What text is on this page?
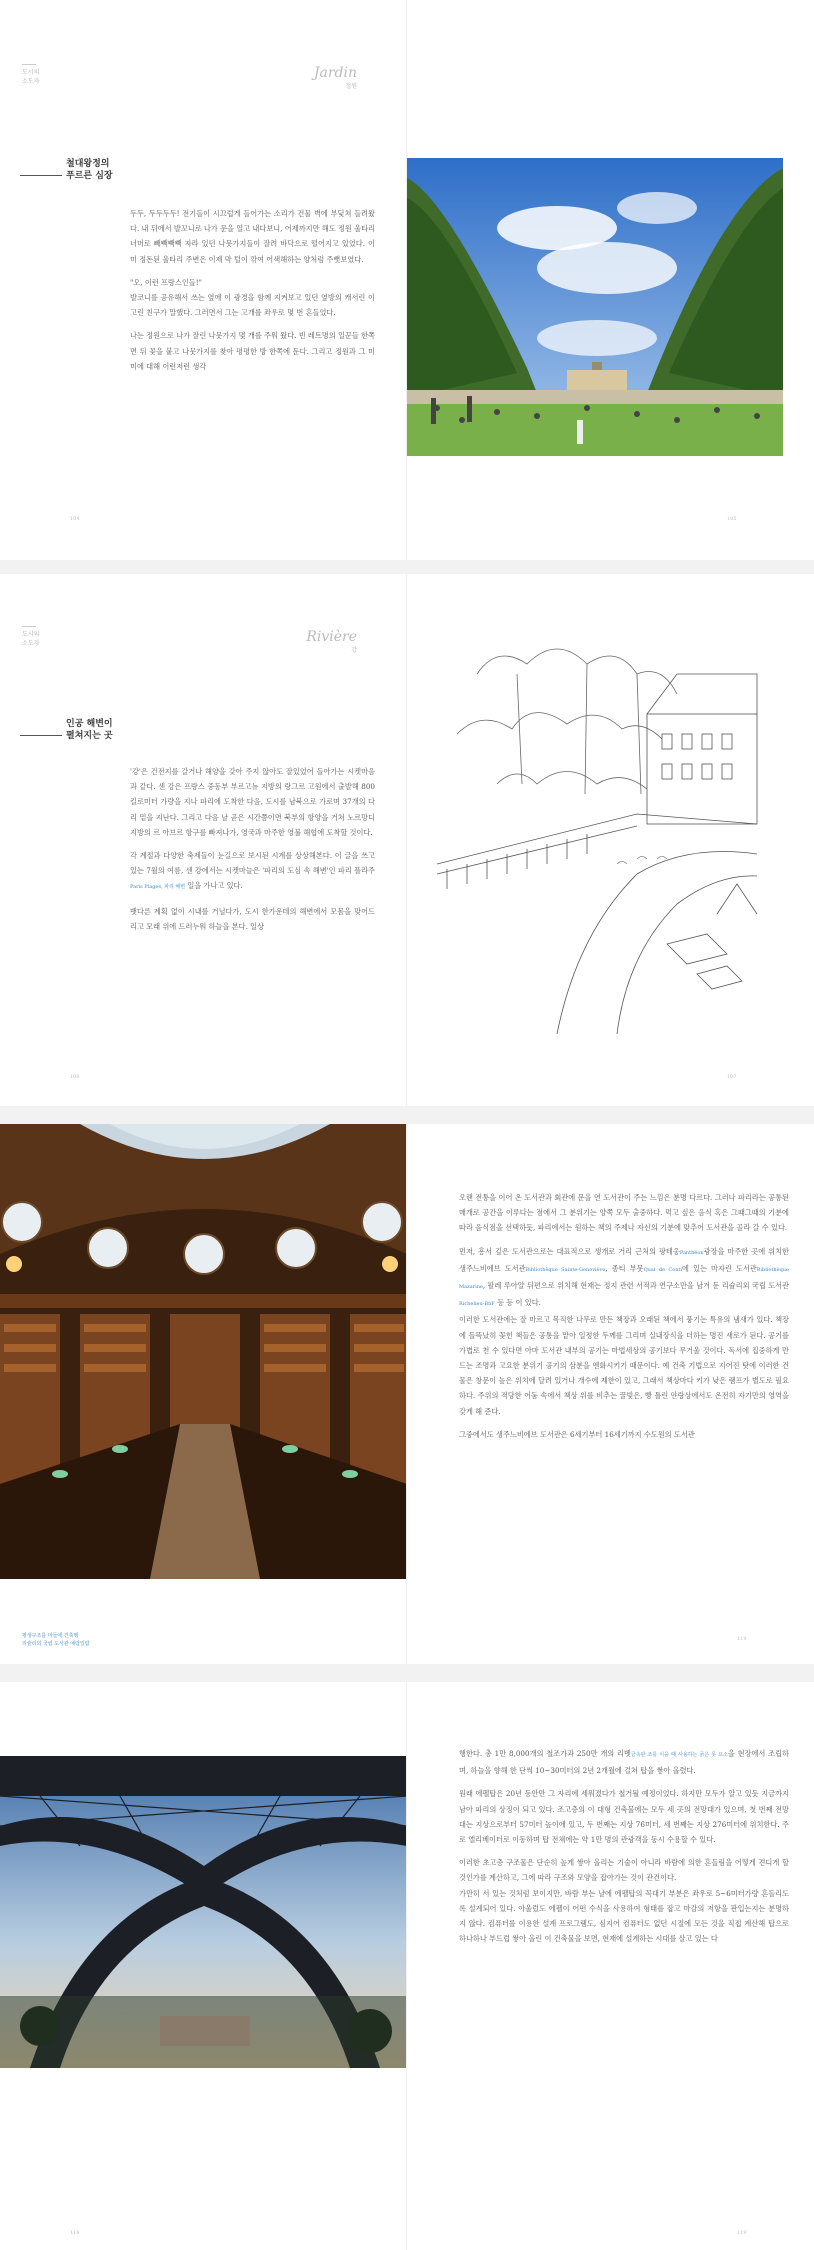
도시의
소도자
Jardin
정원
철대왕정의
푸르른 심장

두두, 두두두두! 전기들이 시끄럽게 들어가는 소리가 건물 벽에 부딪쳐 들려왔다. 내 뒤에서 발꼬니로 나가 문을 열고 내다보니, 어제까지만 해도 정원 울타리 너머로 빼빽빽빽 자라 있던 나뭇가지들이 잘려 바닥으로 떨어지고 있었다. 이미 정돈된 울타리 주변은 이제 막 털이 깎여 어색해하는 양처럼 주뼛보였다.

"오, 이런 프랑스인들!"

발코니를 공유해서 쓰는 옆에 이 광경을 함께 지켜보고 있던 옆방의 캐서린 이고린 친구가 말했다. 그러면서 그는 고개를 좌우로 몇 번 흔들었다.

나는 정원으로 나가 잘린 나뭇가지 몇 개를 주워 왔다. 빈 레트명의 일꾼들 한쪽 면 뒤 꽃을 붙고 나뭇가지를 찾아 평평한 방 한쪽에 둔다. 그리고 정원과 그 미미에 대해 이런저런 생각

104	105
도시의
소도자	Rivière
강
인공 해변이
펼쳐지는 곳

'강'은 건전지를 갈거나 해양을 갖아 주지 않아도 잘있었어 들아가는 시켓마음과 같다. 센 강은 프랑스 중동부 부르고뉴 지방의 랑그르 고원에서 출발해 800킬로미터 가량을 지나 파리에 도착한 다음, 도시를 남북으로 가로며 37개의 다리 밑을 지난다. 그리고 다음 날 곧은 시간쯤이면 북부의 항양을 거쳐 노르망디 지방의 르 아브르 항구를 빠져나가, 영국과 마주한 영불 해협에 도착할 것이다.

각 계절과 다양한 축제들이 눈길으로 보시된 시계를 상상해본다. 이 글을 쓰고 있는 7월의 여름, 센 강에서는 시켓마늘은 '파리의 도심 속 해변'인 파리 플라주Paris Plages, 파리 해변 일을 가나고 있다.

뱃다른 계획 없이 시내를 거닐다가, 도시 한가운데의 해변에서 모몸을 맞어드리고 모래 위에 드러누워 하늘을 본다. 일상

106	107
평생구조를 마들에 건축행
리슐리외 국립 도서관 예람일람

오랜 전통을 이어 온 도서관과 회관에 문을 연 도서관이 주는 느낌은 분명 다르다. 그러나 파리라는 공통된 매개로 공간을 이루다는 점에서 그 분위기는 양쪽 모두 출중하다. 먹고 싶은 음식 혹은 그때그때의 기분에 따라 음식점을 선택하듯, 파리에서는 원하는 책의 주제나 자신의 기분에 맞추어 도서관을 골라 갈 수 있다.

먼저, 흥서 깊은 도서관으로는 대표적으로 생개로 거리 근처의 팡테옹Panthéon광장을 마주한 곳에 위치한 생주느비에브 도서관Bibliothèque Sainte-Geneviève, 종티 부뭇Quai de Conti에 있는 마자린 도서관Bibliothèque Mazarine, 팔레 루아얄 뒤편으로 위치해 현재는 정지 관련 서적과 연구소만을 남겨 둔 리슐리외 국립 도서관Richelieu-BnF 등 등 이 있다.
이러한 도서관에는 잘 마르고 목직한 나무로 만든 책장과 오래된 책에서 풍기는 특유의 냄새가 있다. 책장에 들뜩났히 꽂힌 책들은 공통을 맡아 일정한 두께를 그리며 실내장식을 더하는 명진 새로가 된다. 공기를 가볍로 천 수 있다면 아마 도서관 내부의 공기는 마법세상의 공기보다 무거울 것이다. 독서에 집중하게 만드는 조명과 고요한 분위기 공기의 삼분을 엔화시키기 때문이다. 예 건축 기법으로 지어진 탓에 이러한 건물은 창문이 높은 위치에 달려 있거나 개수에 제한이 있고, 그래서 책상마다 키가 낮은 램프가 별도로 필요하다. 주위의 적당한 어둠 속에서 책상 위를 비추는 꿀빛은, 빵 틀린 얀랑상에서도 온전히 자기만의 영역을 갖게 해 준다.

그중에서도 생주느비에브 도서관은 6세기부터 16세기까지 수도원의 도서관

119
118

행한다. 총 1만 8,000개의 철조가과 250만 개의 리벳금속판 조를 이을 때 사용하는 굵은 못 요소을 현장에서 조립하며, 하늘을 향해 한 단씩 10~30미터의 2년 2개월에 걸쳐 탑을 쌓아 올렸다.

원래 에펠탑은 20년 동안만 그 자리에 세워졌다가 철거될 예정이었다. 하지만 모두가 알고 있듯 지금까지 남아 파리의 상징이 되고 있다. 조고층의 이 대형 건축물에는 모두 세 곳의 전망대가 있으며, 첫 번째 전망대는 지상으로부터 57미터 높이에 있고, 두 번째는 지상 76미터, 세 번째는 지상 276미터에 위치한다. 주로 엘리베이터로 이동하며 탑 전체에는 약 1만 명의 관광객을 동시 수용할 수 있다.

이러한 초고층 구조물은 단순히 높게 쌓아 올리는 기술이 아니라 바람에 의한 흔들림을 어떻게 견디게 할 것인가를 계산하고, 그에 따라 구조와 모양을 잡아가는 것이 관건이다.

가만히 서 있는 것처럼 보이지만, 바람 부는 날에 에펠탑의 꼭대기 부분은 좌우로 5~6미터가량 흔들리도록 설계되어 있다. 아울렀도 에펠이 어떤 수식을 사용하여 형태를 잡고 마감의 저항을 판입는지는 분명하지 않다. 컴퓨터를 이용한 설계 프로그램도, 심지어 컴퓨터도 없던 시절에 모든 것을 직접 계산해 탑으로 하나하나 부드럽 쌓아 올린 이 건축물을 보면, 현재에 설계하는 시대를 살고 있는 다

119
